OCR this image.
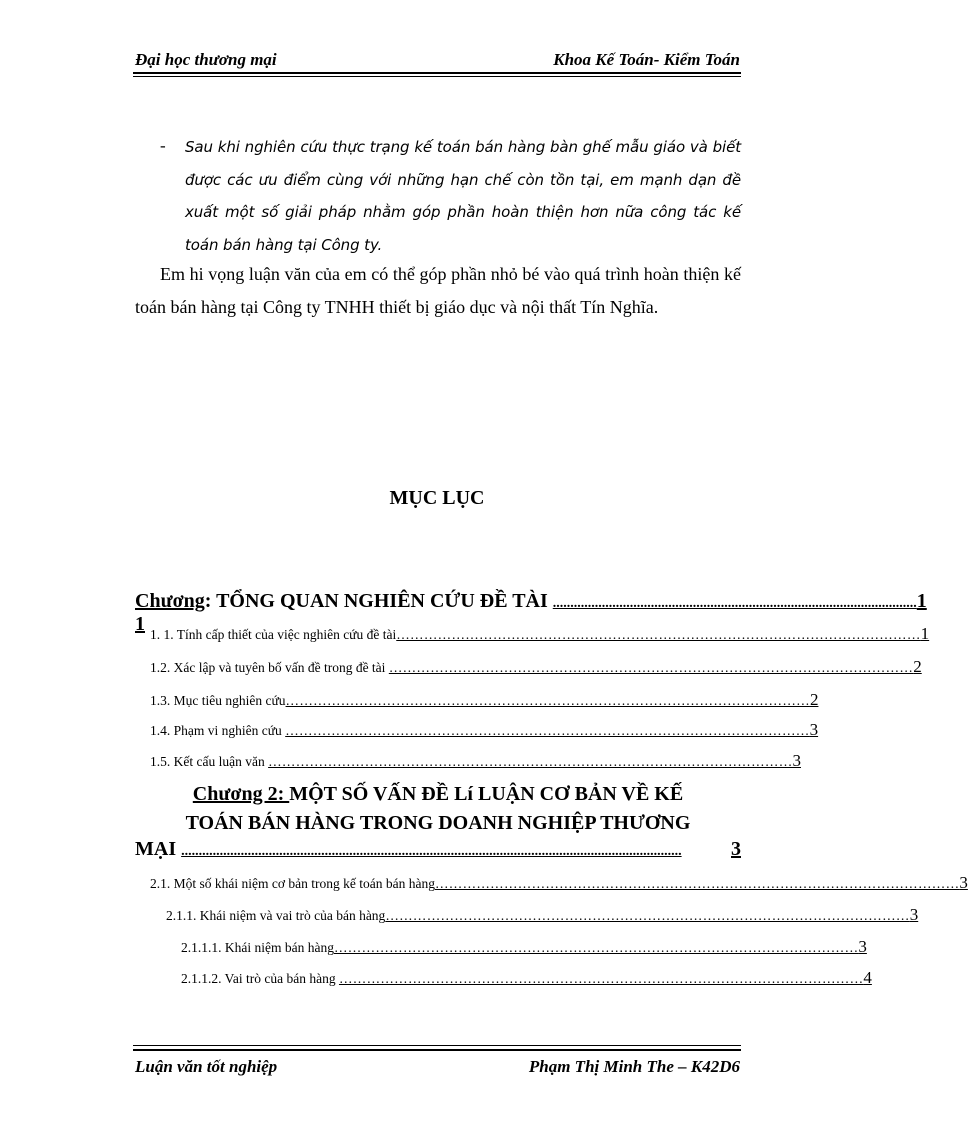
Đại học thương mại	Khoa Kế Toán- Kiểm Toán
- Sau khi nghiên cứu thực trạng kế toán bán hàng bàn ghế mẫu giáo và biết được các ưu điểm cùng với những hạn chế còn tồn tại, em mạnh dạn đề xuất một số giải pháp nhằm góp phần hoàn thiện hơn nữa công tác kế toán bán hàng tại Công ty.
Em hi vọng luận văn của em có thể góp phần nhỏ bé vào quá trình hoàn thiện kế toán bán hàng tại Công ty TNHH thiết bị giáo dục và nội thất Tín Nghĩa.
MỤC LỤC
Chương 1
: TỔNG QUAN NGHIÊN CỨU ĐỀ TÀI ........................................................................................................ 1
1. 1. Tính cấp thiết của việc nghiên cứu đề tài …………………………………………………………………………………………………… 1
1.2. Xác lập và tuyên bố vấn đề trong đề tài …………………………………………………………………………………………………… 2
1.3. Mục tiêu nghiên cứu …………………………………………………………………………………………………… 2
1.4. Phạm vi nghiên cứu …………………………………………………………………………………………………… 3
1.5. Kết cấu luận văn …………………………………………………………………………………………………… 3
Chương 2: MỘT SỐ VẤN ĐỀ Lí LUẬN CƠ BẢN VỀ KẾ
TOÁN BÁN HÀNG TRONG DOANH NGHIỆP THƯƠNG
MẠI ...............................................................................................................................................	3
2.1. Một số khái niệm cơ bản trong kế toán bán hàng …………………………………………………………………………………………………… 3
2.1.1. Khái niệm và vai trò của bán hàng …………………………………………………………………………………………………… 3
2.1.1.1. Khái niệm bán hàng …………………………………………………………………………………………………… 3
2.1.1.2. Vai trò của bán hàng …………………………………………………………………………………………………… 4
Luận văn tốt nghiệp	Phạm Thị Minh The – K42D6
